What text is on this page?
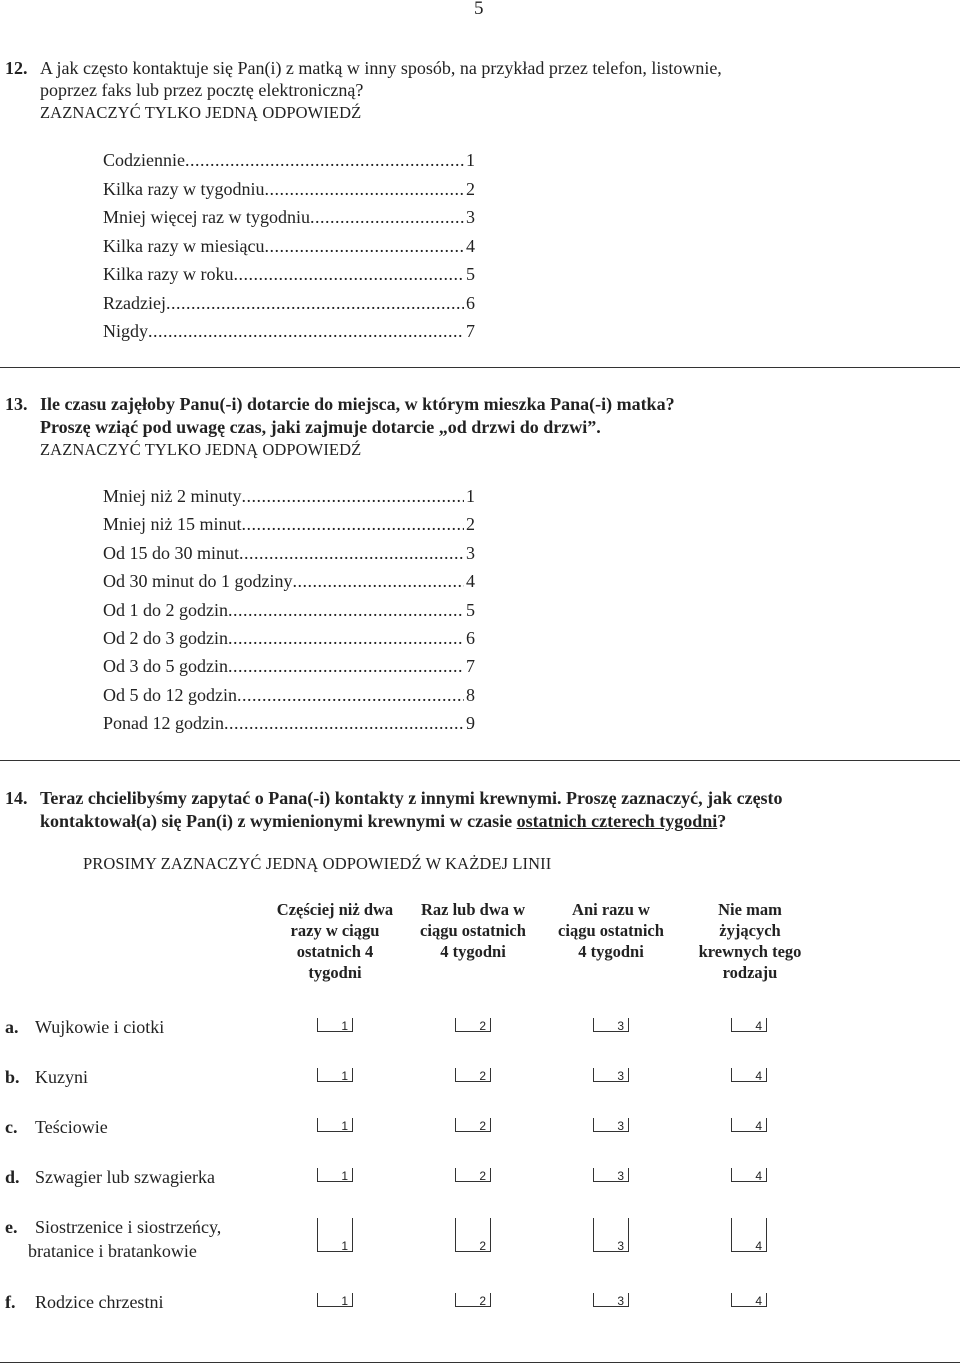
5
12. A jak często kontaktuje się Pan(i) z matką w inny sposób, na przykład przez telefon, listownie,
poprzez faks lub przez pocztę elektroniczną?
ZAZNACZYĆ TYLKO JEDNĄ ODPOWIEDŹ
Codziennie .....	1
Kilka razy w tygodniu .....	2
Mniej więcej raz w tygodniu .....	3
Kilka razy w miesiącu .....	4
Kilka razy w roku .....	5
Rzadziej .....	6
Nigdy .....	7
13. Ile czasu zajęłoby Panu(-i) dotarcie do miejsca, w którym mieszka Pana(-i) matka?
Proszę wziąć pod uwagę czas, jaki zajmuje dotarcie „od drzwi do drzwi”.
ZAZNACZYĆ TYLKO JEDNĄ ODPOWIEDŹ
Mniej niż 2 minuty .....	1
Mniej niż 15 minut .....	2
Od 15 do 30 minut .....	3
Od 30 minut do 1 godziny .....	4
Od 1 do 2 godzin .....	5
Od 2 do 3 godzin .....	6
Od 3 do 5 godzin .....	7
Od 5 do 12 godzin .....	8
Ponad 12 godzin .....	9
14. Teraz chcielibyśmy zapytać o Pana(-i) kontakty z innymi krewnymi. Proszę zaznaczyć, jak często
kontaktował(a) się Pan(i) z wymienionymi krewnymi w czasie ostatnich czterech tygodni?
PROSIMY ZAZNACZYĆ JEDNĄ ODPOWIEDŹ W KAŻDEJ LINII
Częściej niż dwa
razy w ciągu
ostatnich 4
tygodni
Raz lub dwa w
ciągu ostatnich
4 tygodni
Ani razu w
ciągu ostatnich
4 tygodni
Nie mam
żyjących
krewnych tego
rodzaju
a. Wujkowie i ciotki	1	2	3	4
b. Kuzyni	1	2	3	4
c. Teściowie	1	2	3	4
d. Szwagier lub szwagierka	1	2	3	4
e. Siostrzenice i siostrzeńcy,
bratanice i bratankowie	1	2	3	4
f. Rodzice chrzestni	1	2	3	4
